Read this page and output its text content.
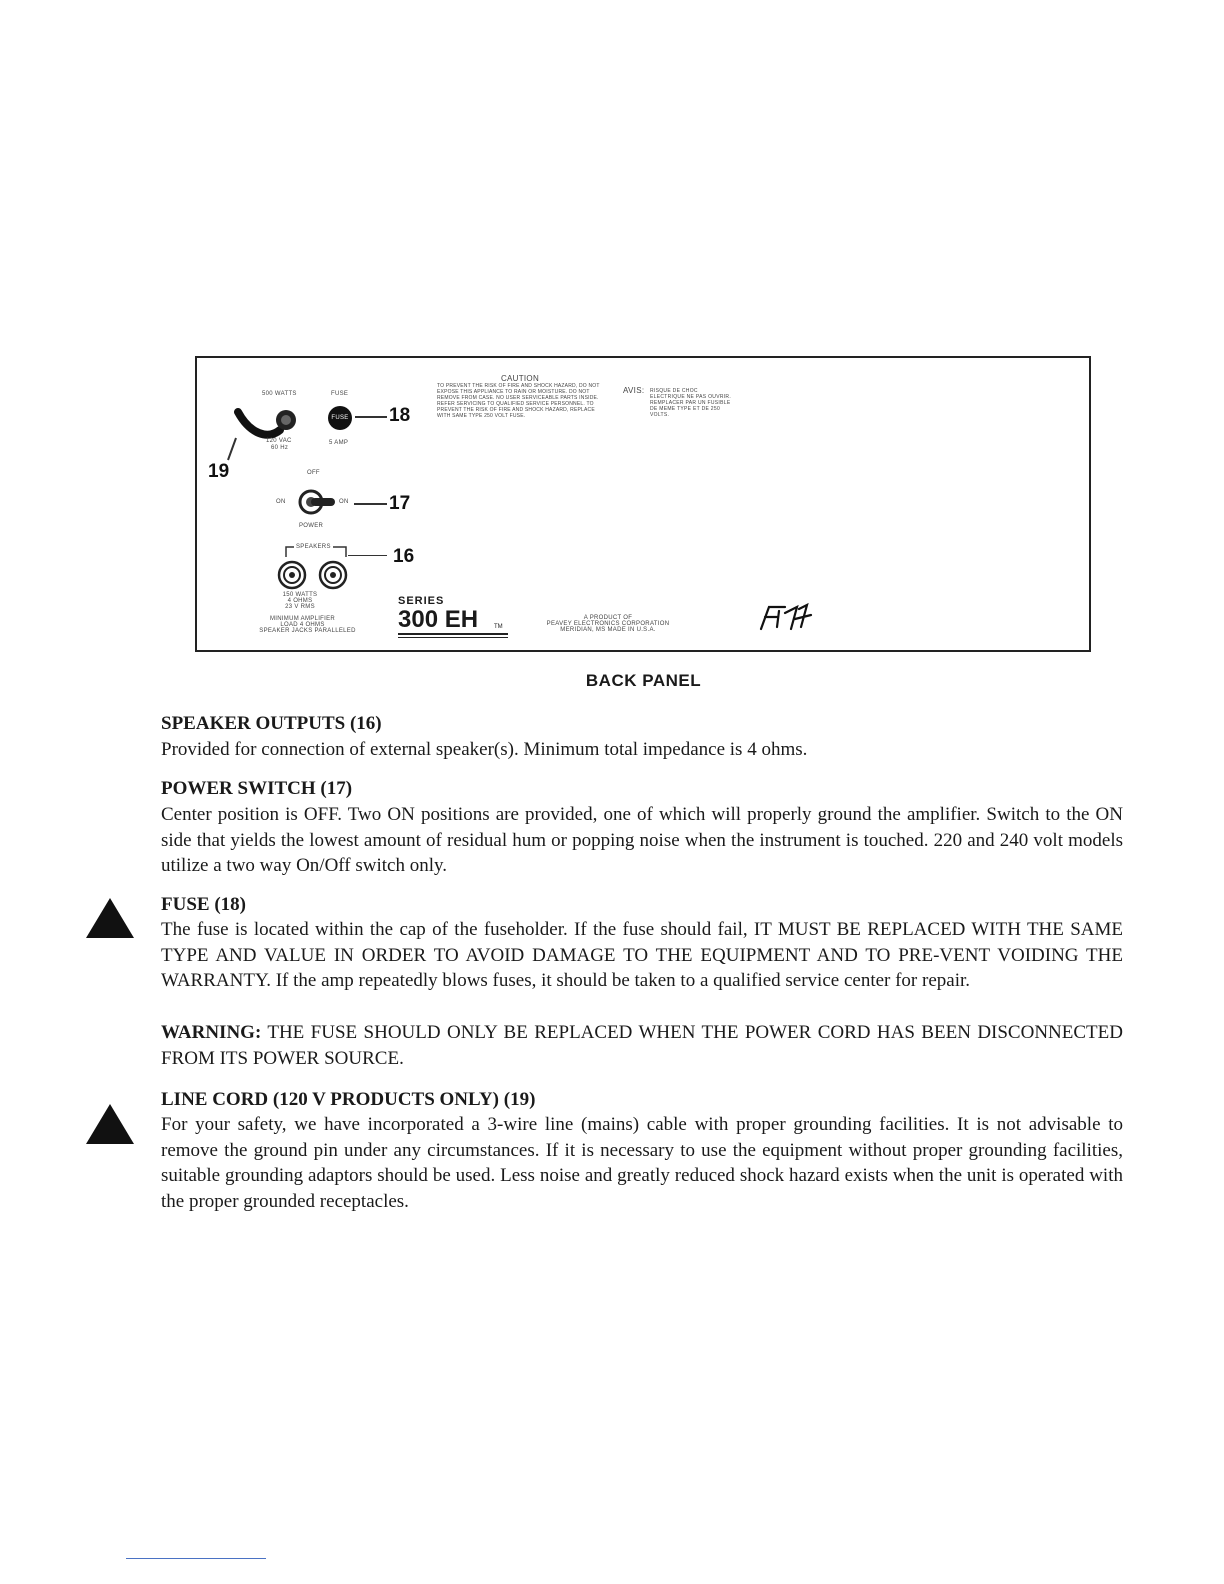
CAUTION
TO PREVENT THE RISK OF FIRE AND SHOCK HAZARD, DO NOT EXPOSE THIS APPLIANCE TO RAIN OR MOISTURE. DO NOT REMOVE FROM CASE. NO USER SERVICEABLE PARTS INSIDE. REFER SERVICING TO QUALIFIED SERVICE PERSONNEL. TO PREVENT THE RISK OF FIRE AND SHOCK HAZARD, REPLACE WITH SAME TYPE 250 VOLT FUSE.
AVIS: RISQUE DE CHOC ELECTRIQUE NE PAS OUVRIR. REMPLACER PAR UN FUSIBLE DE MEME TYPE ET DE 250 VOLTS.
500 WATTS
120 VAC
60 Hz
19
FUSE
FUSE 18
5 AMP
OFF
ON	ON 17
POWER
SPEAKERS	16
150 WATTS
4 OHMS
23 V RMS
MINIMUM AMPLIFIER
LOAD 4 OHMS
SPEAKER JACKS PARALLELED
SERIES
300 EH	TM
A PRODUCT OF
PEAVEY ELECTRONICS CORPORATION
MERIDIAN, MS MADE IN U.S.A.
BACK PANEL
SPEAKER OUTPUTS (16)

Provided for connection of external speaker(s). Minimum total impedance is 4 ohms.

POWER SWITCH (17)

Center position is OFF. Two ON positions are provided, one of which will properly ground the amplifier. Switch to the ON side that yields the lowest amount of residual hum or popping noise when the instrument is touched. 220 and 240 volt models utilize a two way On/Off switch only.

FUSE (18)

The fuse is located within the cap of the fuseholder. If the fuse should fail, IT MUST BE REPLACED WITH THE SAME TYPE AND VALUE IN ORDER TO AVOID DAMAGE TO THE EQUIPMENT AND TO PRE-VENT VOIDING THE WARRANTY. If the amp repeatedly blows fuses, it should be taken to a qualified service center for repair.

WARNING: THE FUSE SHOULD ONLY BE REPLACED WHEN THE POWER CORD HAS BEEN DISCONNECTED FROM ITS POWER SOURCE.

LINE CORD (120 V PRODUCTS ONLY) (19)

For your safety, we have incorporated a 3-wire line (mains) cable with proper grounding facilities. It is not advisable to remove the ground pin under any circumstances. If it is necessary to use the equipment without proper grounding facilities, suitable grounding adaptors should be used. Less noise and greatly reduced shock hazard exists when the unit is operated with the proper grounded receptacles.
